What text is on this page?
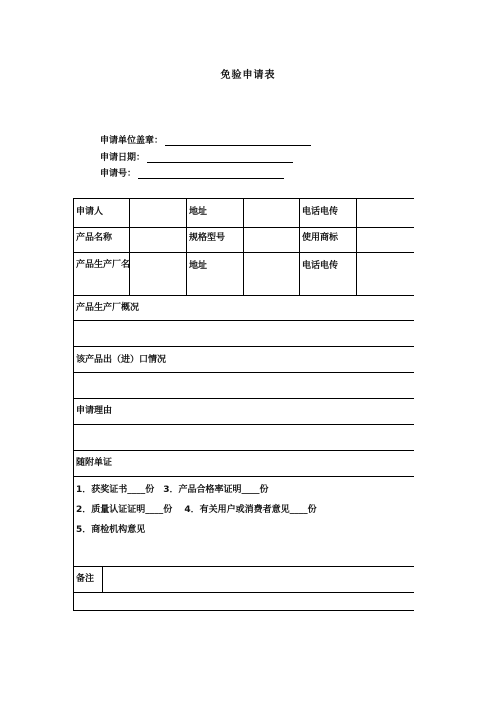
免验申请表
申请单位盖章：
申请日期：
申请号：
申请人	地址	电话电传
产品名称	规格型号	使用商标
产品生产厂名	地址	电话电传
产品生产厂概况
该产品出（进）口情况
申请理由
随附单证
1．获奖证书____份　3．产品合格率证明____份
2．质量认证证明____份　 4．有关用户或消费者意见____份
5．商检机构意见
备注
